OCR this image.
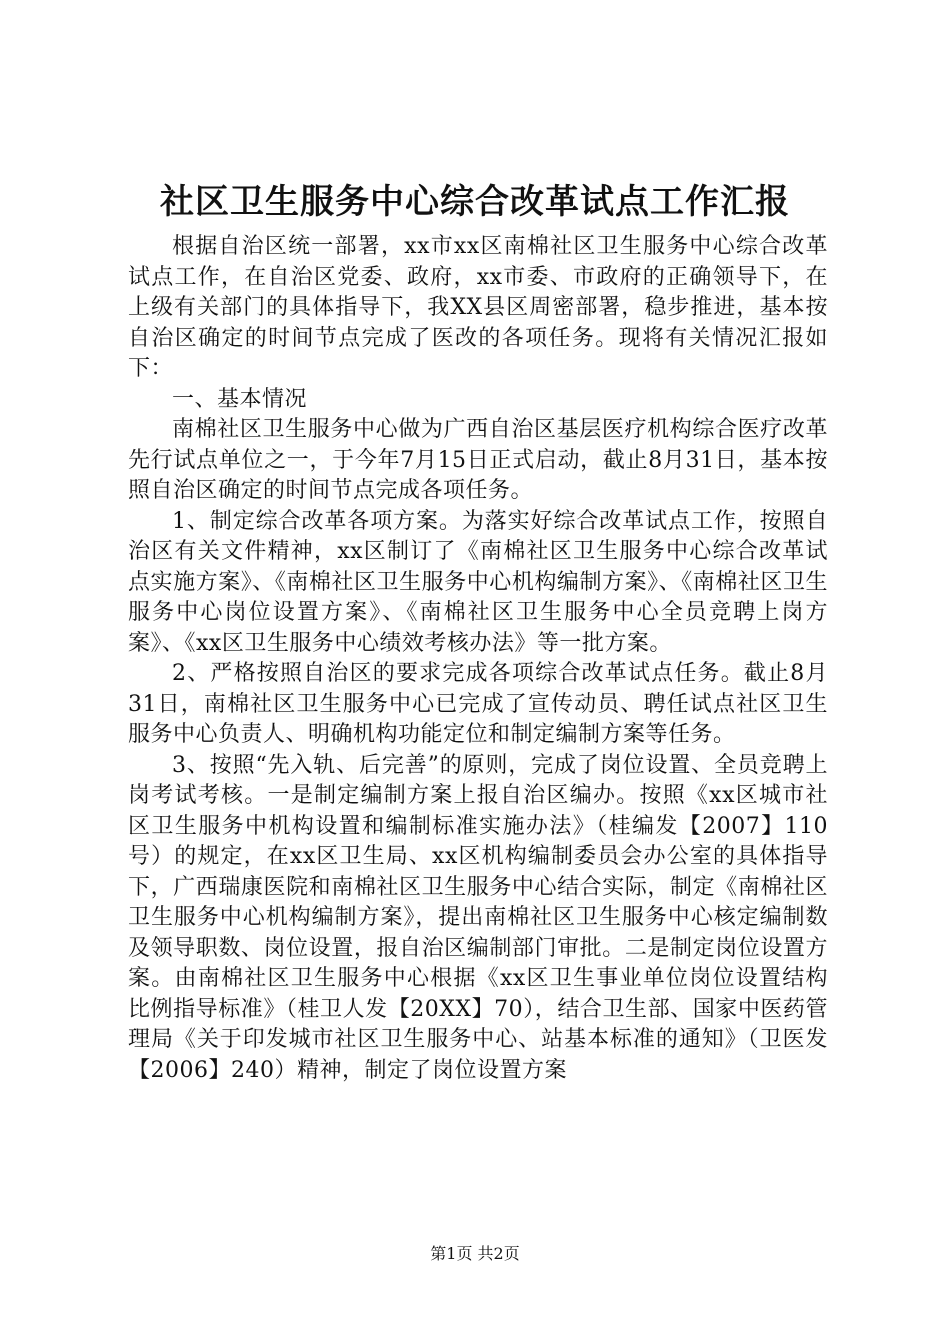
社区卫生服务中心综合改革试点工作汇报

根据自治区统一部署，xx市xx区南棉社区卫生服务中心综合改革试点工作，在自治区党委、政府，xx市委、市政府的正确领导下，在上级有关部门的具体指导下，我XX县区周密部署，稳步推进，基本按自治区确定的时间节点完成了医改的各项任务。现将有关情况汇报如下：

一、基本情况

南棉社区卫生服务中心做为广西自治区基层医疗机构综合医疗改革先行试点单位之一，于今年7月15日正式启动，截止8月31日，基本按照自治区确定的时间节点完成各项任务。

1、制定综合改革各项方案。为落实好综合改革试点工作，按照自治区有关文件精神，xx区制订了《南棉社区卫生服务中心综合改革试点实施方案》、《南棉社区卫生服务中心机构编制方案》、《南棉社区卫生服务中心岗位设置方案》、《南棉社区卫生服务中心全员竞聘上岗方案》、《xx区卫生服务中心绩效考核办法》等一批方案。

2、严格按照自治区的要求完成各项综合改革试点任务。截止8月31日，南棉社区卫生服务中心已完成了宣传动员、聘任试点社区卫生服务中心负责人、明确机构功能定位和制定编制方案等任务。

3、按照“先入轨、后完善”的原则，完成了岗位设置、全员竞聘上岗考试考核。一是制定编制方案上报自治区编办。按照《xx区城市社区卫生服务中机构设置和编制标准实施办法》（桂编发【2007】110号）的规定，在xx区卫生局、xx区机构编制委员会办公室的具体指导下，广西瑞康医院和南棉社区卫生服务中心结合实际，制定《南棉社区卫生服务中心机构编制方案》，提出南棉社区卫生服务中心核定编制数及领导职数、岗位设置，报自治区编制部门审批。二是制定岗位设置方案。由南棉社区卫生服务中心根据《xx区卫生事业单位岗位设置结构比例指导标准》（桂卫人发【20XX】70），结合卫生部、国家中医药管理局《关于印发城市社区卫生服务中心、站基本标准的通知》（卫医发【2006】240）精神，制定了岗位设置方案

第1页 共2页
